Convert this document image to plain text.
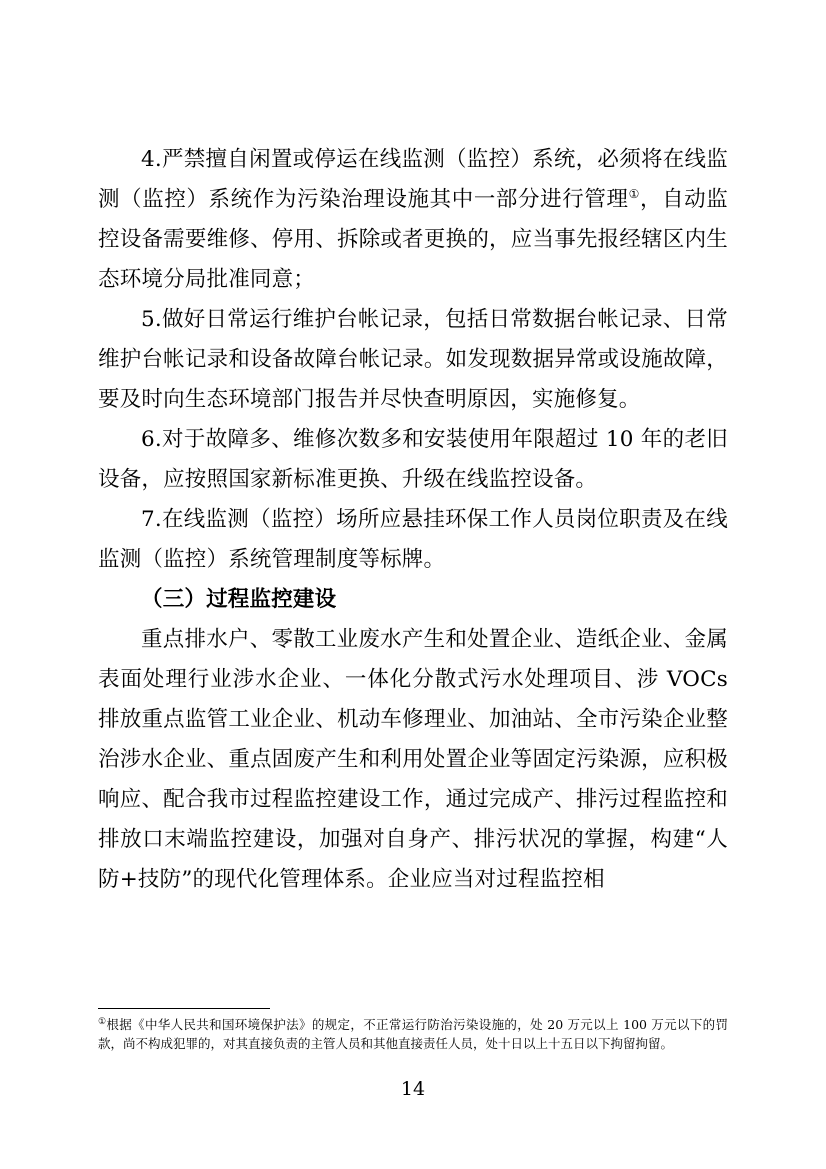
4.严禁擅自闲置或停运在线监测（监控）系统，必须将在线监测（监控）系统作为污染治理设施其中一部分进行管理①，自动监控设备需要维修、停用、拆除或者更换的，应当事先报经辖区内生态环境分局批准同意；

5.做好日常运行维护台帐记录，包括日常数据台帐记录、日常维护台帐记录和设备故障台帐记录。如发现数据异常或设施故障，要及时向生态环境部门报告并尽快查明原因，实施修复。

6.对于故障多、维修次数多和安装使用年限超过 10 年的老旧设备，应按照国家新标准更换、升级在线监控设备。

7.在线监测（监控）场所应悬挂环保工作人员岗位职责及在线监测（监控）系统管理制度等标牌。

（三）过程监控建设

重点排水户、零散工业废水产生和处置企业、造纸企业、金属表面处理行业涉水企业、一体化分散式污水处理项目、涉 VOCs 排放重点监管工业企业、机动车修理业、加油站、全市污染企业整治涉水企业、重点固废产生和利用处置企业等固定污染源，应积极响应、配合我市过程监控建设工作，通过完成产、排污过程监控和排放口末端监控建设，加强对自身产、排污状况的掌握，构建“人防+技防”的现代化管理体系。企业应当对过程监控相

①根据《中华人民共和国环境保护法》的规定，不正常运行防治污染设施的，处 20 万元以上 100 万元以下的罚款，尚不构成犯罪的，对其直接负责的主管人员和其他直接责任人员，处十日以上十五日以下拘留拘留。

14
